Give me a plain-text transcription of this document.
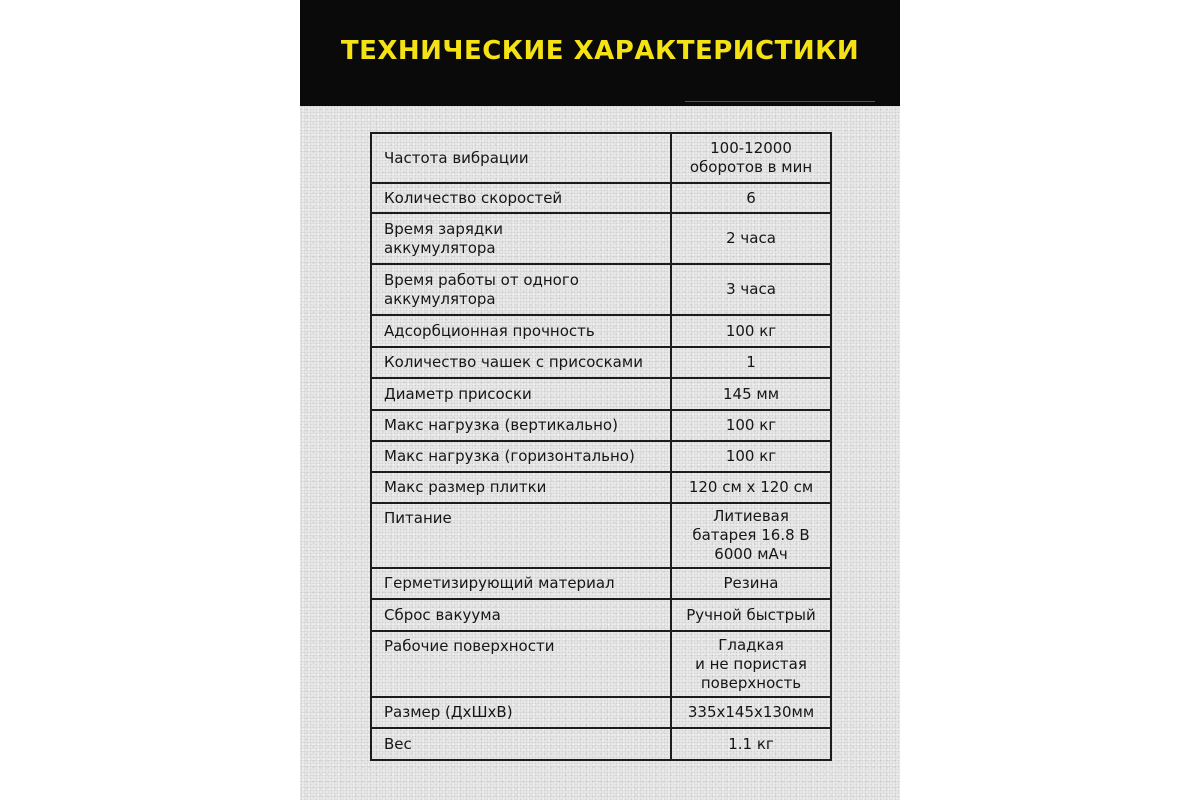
ТЕХНИЧЕСКИЕ ХАРАКТЕРИСТИКИ
Частота вибрации	100-12000
оборотов в мин
Количество скоростей	6
Время зарядки
аккумулятора	2 часа
Время работы от одного
аккумулятора	3 часа
Адсорбционная прочность	100 кг
Количество чашек с присосками	1
Диаметр присоски	145 мм
Макс нагрузка (вертикально)	100 кг
Макс нагрузка (горизонтально)	100 кг
Макс размер плитки	120 см х 120 см
Питание	Литиевая
батарея 16.8 В
6000 мАч
Герметизирующий материал	Резина
Сброс вакуума	Ручной быстрый
Рабочие поверхности	Гладкая
и не пористая
поверхность
Размер (ДхШхВ)	335х145х130мм
Вес	1.1 кг
